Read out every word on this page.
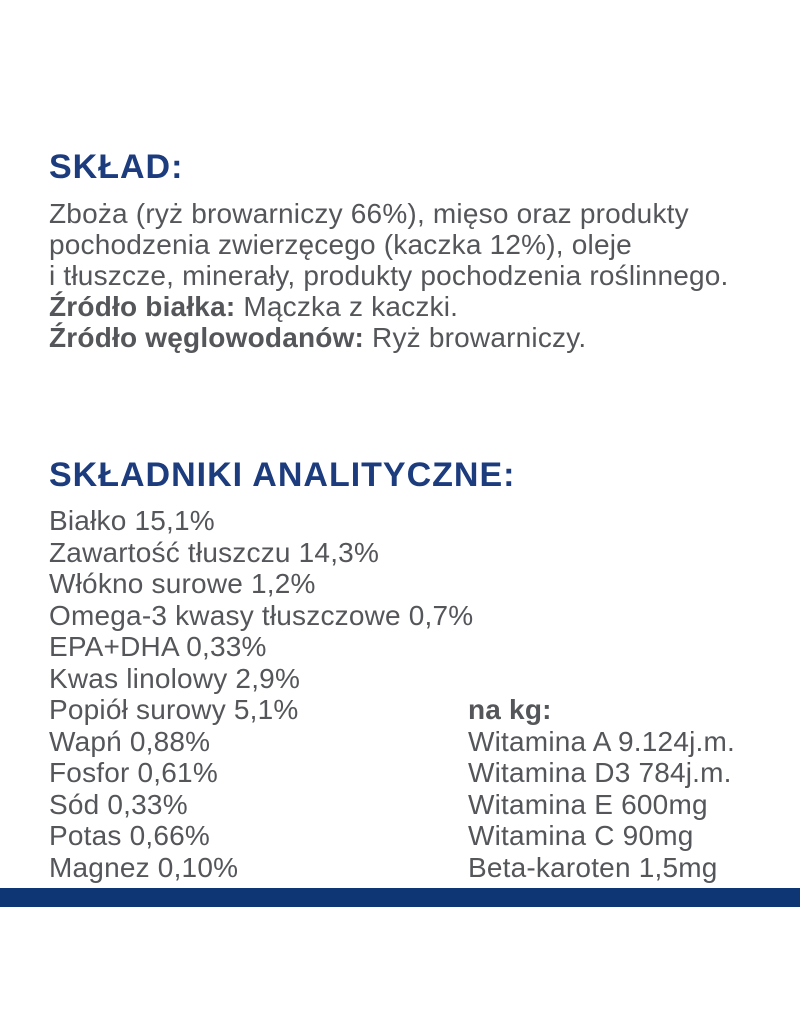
SKŁAD:
Zboża (ryż browarniczy 66%), mięso oraz produkty
pochodzenia zwierzęcego (kaczka 12%), oleje
i tłuszcze, minerały, produkty pochodzenia roślinnego.
Źródło białka: Mączka z kaczki.
Źródło węglowodanów: Ryż browarniczy.
SKŁADNIKI ANALITYCZNE:
Białko 15,1%
Zawartość tłuszczu 14,3%
Włókno surowe 1,2%
Omega-3 kwasy tłuszczowe 0,7%
EPA+DHA 0,33%
Kwas linolowy 2,9%
Popiół surowy 5,1%
Wapń 0,88%
Fosfor 0,61%
Sód 0,33%
Potas 0,66%
Magnez 0,10%
na kg:
Witamina A 9.124j.m.
Witamina D3 784j.m.
Witamina E 600mg
Witamina C 90mg
Beta-karoten 1,5mg
